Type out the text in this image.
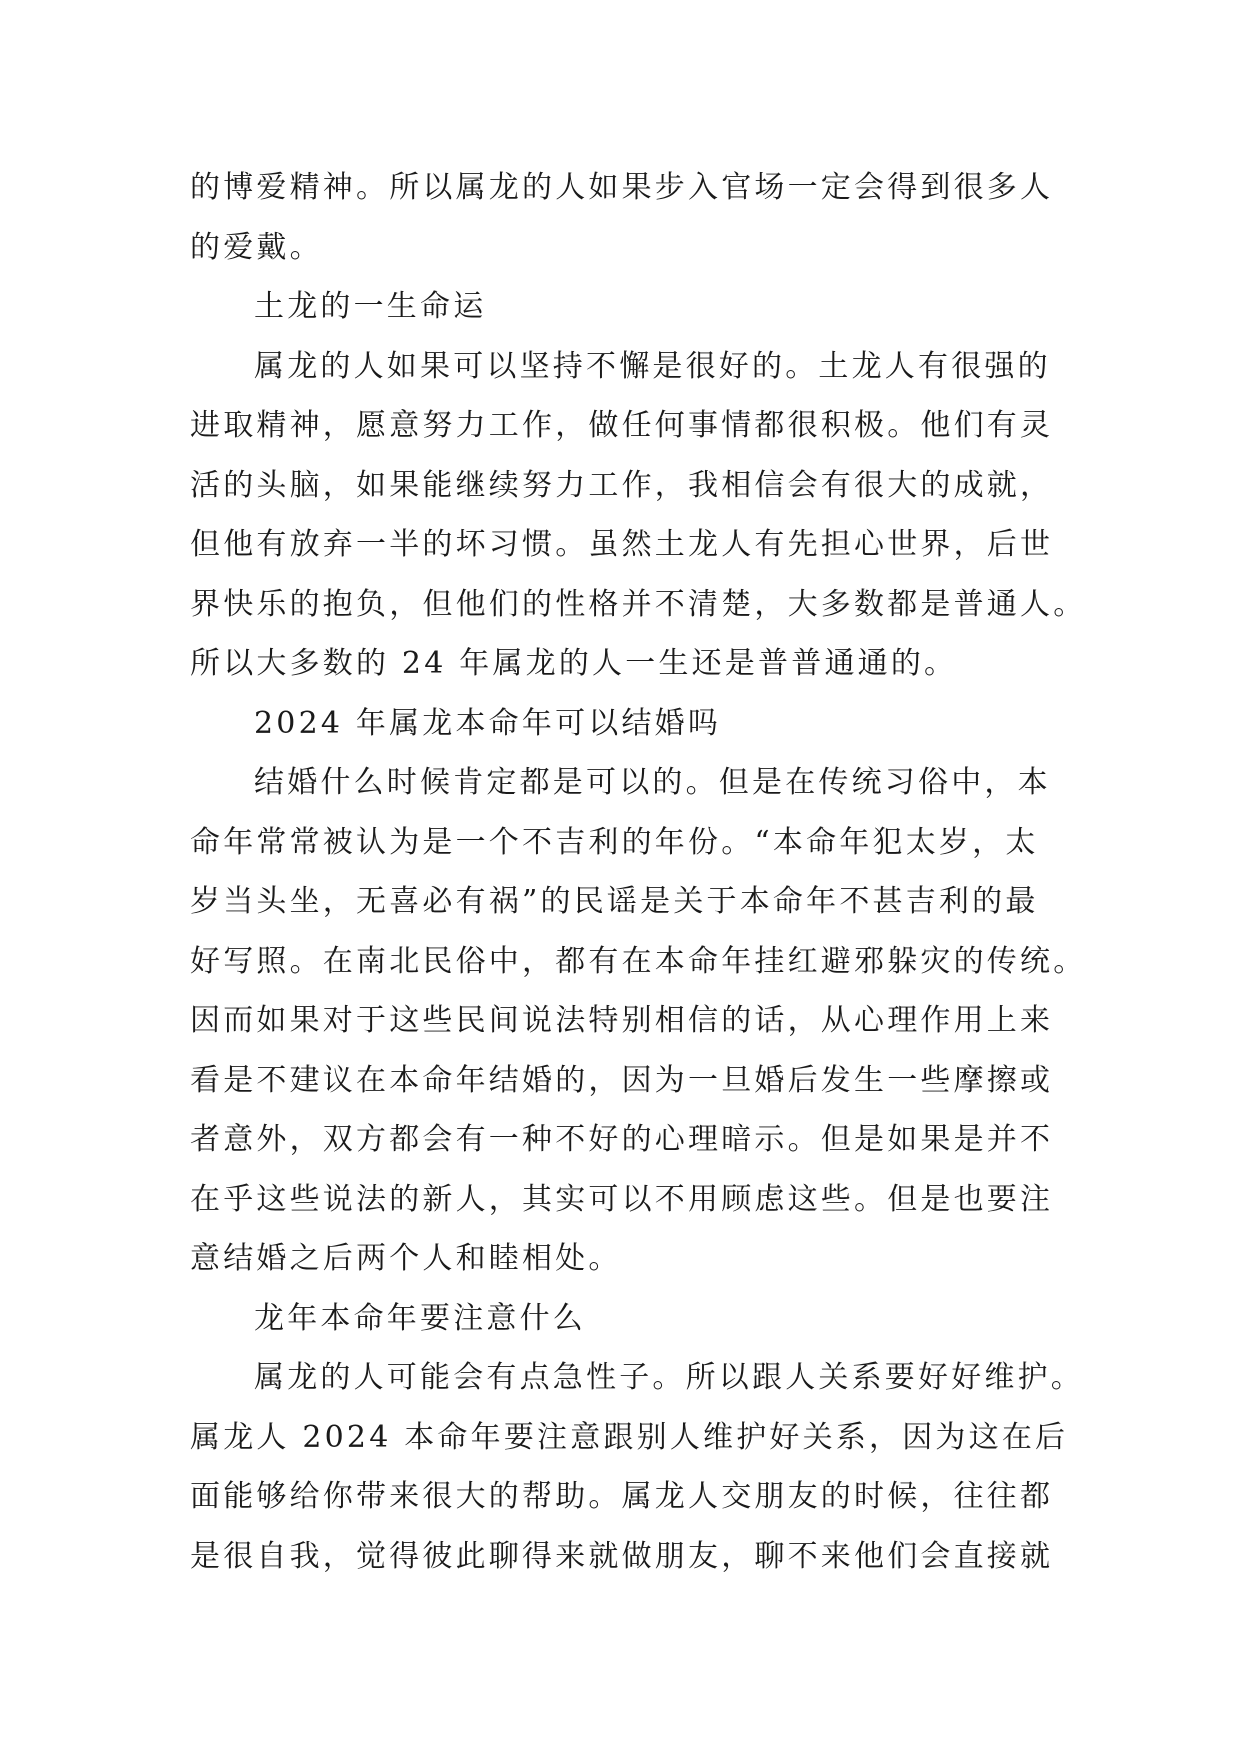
的博爱精神。所以属龙的人如果步入官场一定会得到很多人
的爱戴。
土龙的一生命运
属龙的人如果可以坚持不懈是很好的。土龙人有很强的
进取精神，愿意努力工作，做任何事情都很积极。他们有灵
活的头脑，如果能继续努力工作，我相信会有很大的成就，
但他有放弃一半的坏习惯。虽然土龙人有先担心世界，后世
界快乐的抱负，但他们的性格并不清楚，大多数都是普通人。
所以大多数的 24 年属龙的人一生还是普普通通的。
2024 年属龙本命年可以结婚吗
结婚什么时候肯定都是可以的。但是在传统习俗中，本
命年常常被认为是一个不吉利的年份。“本命年犯太岁，太
岁当头坐，无喜必有祸”的民谣是关于本命年不甚吉利的最
好写照。在南北民俗中，都有在本命年挂红避邪躲灾的传统。
因而如果对于这些民间说法特别相信的话，从心理作用上来
看是不建议在本命年结婚的，因为一旦婚后发生一些摩擦或
者意外，双方都会有一种不好的心理暗示。但是如果是并不
在乎这些说法的新人，其实可以不用顾虑这些。但是也要注
意结婚之后两个人和睦相处。
龙年本命年要注意什么
属龙的人可能会有点急性子。所以跟人关系要好好维护。
属龙人 2024 本命年要注意跟别人维护好关系，因为这在后
面能够给你带来很大的帮助。属龙人交朋友的时候，往往都
是很自我，觉得彼此聊得来就做朋友，聊不来他们会直接就
